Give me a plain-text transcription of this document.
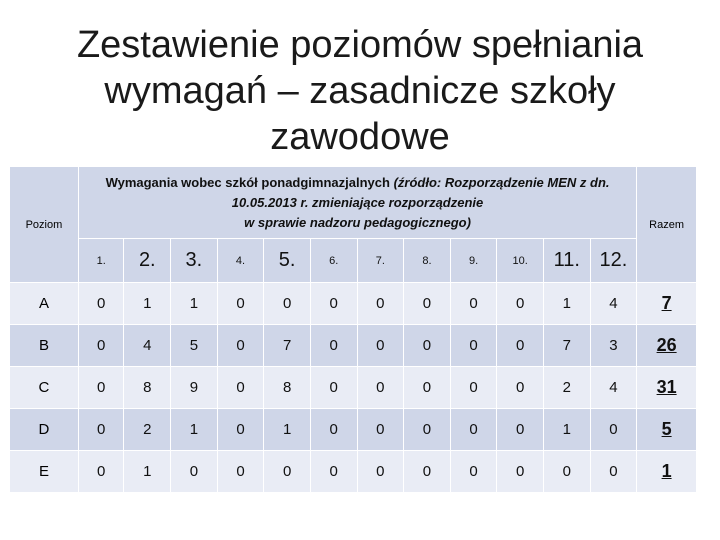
Zestawienie poziomów spełniania
wymagań – zasadnicze szkoły
zawodowe
Poziom	Wymagania wobec szkół ponadgimnazjalnych (źródło: Rozporządzenie MEN z dn.
10.05.2013 r. zmieniające rozporządzenie
w sprawie nadzoru pedagogicznego)												Razem
	1.	2.	3.	4.	5.	6.	7.	8.	9.	10.	11.	12.	
A	0	1	1	0	0	0	0	0	0	0	1	4	7
B	0	4	5	0	7	0	0	0	0	0	7	3	26
C	0	8	9	0	8	0	0	0	0	0	2	4	31
D	0	2	1	0	1	0	0	0	0	0	1	0	5
E	0	1	0	0	0	0	0	0	0	0	0	0	1
